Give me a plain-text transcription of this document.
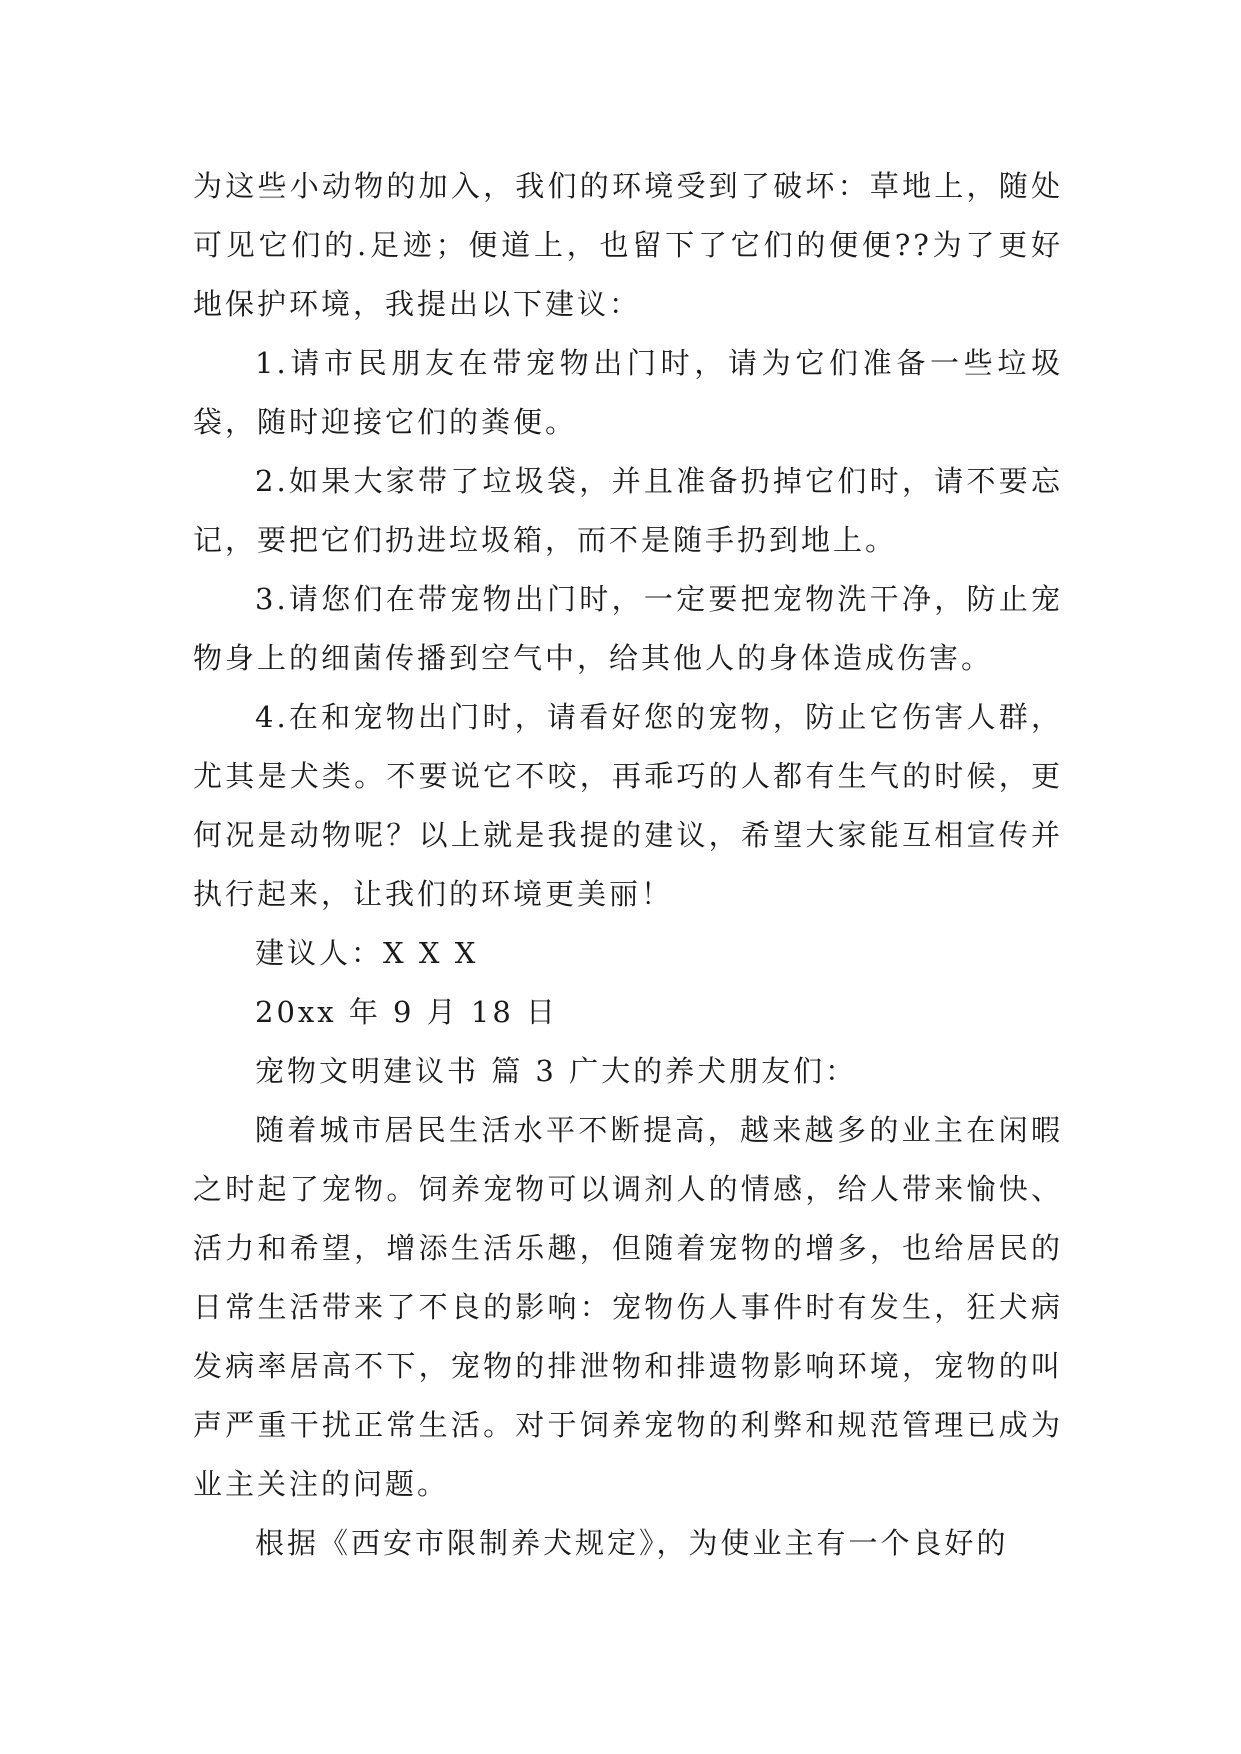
为这些小动物的加入，我们的环境受到了破坏：草地上，随处可见它们的.足迹；便道上，也留下了它们的便便??为了更好地保护环境，我提出以下建议：

1.请市民朋友在带宠物出门时，请为它们准备一些垃圾袋，随时迎接它们的粪便。

2.如果大家带了垃圾袋，并且准备扔掉它们时，请不要忘记，要把它们扔进垃圾箱，而不是随手扔到地上。

3.请您们在带宠物出门时，一定要把宠物洗干净，防止宠物身上的细菌传播到空气中，给其他人的身体造成伤害。

4.在和宠物出门时，请看好您的宠物，防止它伤害人群，尤其是犬类。不要说它不咬，再乖巧的人都有生气的时候，更何况是动物呢？以上就是我提的建议，希望大家能互相宣传并执行起来，让我们的环境更美丽！

建议人：X X X

20xx 年 9 月 18 日

宠物文明建议书 篇 3 广大的养犬朋友们：

随着城市居民生活水平不断提高，越来越多的业主在闲暇之时起了宠物。饲养宠物可以调剂人的情感，给人带来愉快、活力和希望，增添生活乐趣，但随着宠物的增多，也给居民的日常生活带来了不良的影响：宠物伤人事件时有发生，狂犬病发病率居高不下，宠物的排泄物和排遗物影响环境，宠物的叫声严重干扰正常生活。对于饲养宠物的利弊和规范管理已成为业主关注的问题。

根据《西安市限制养犬规定》，为使业主有一个良好的
